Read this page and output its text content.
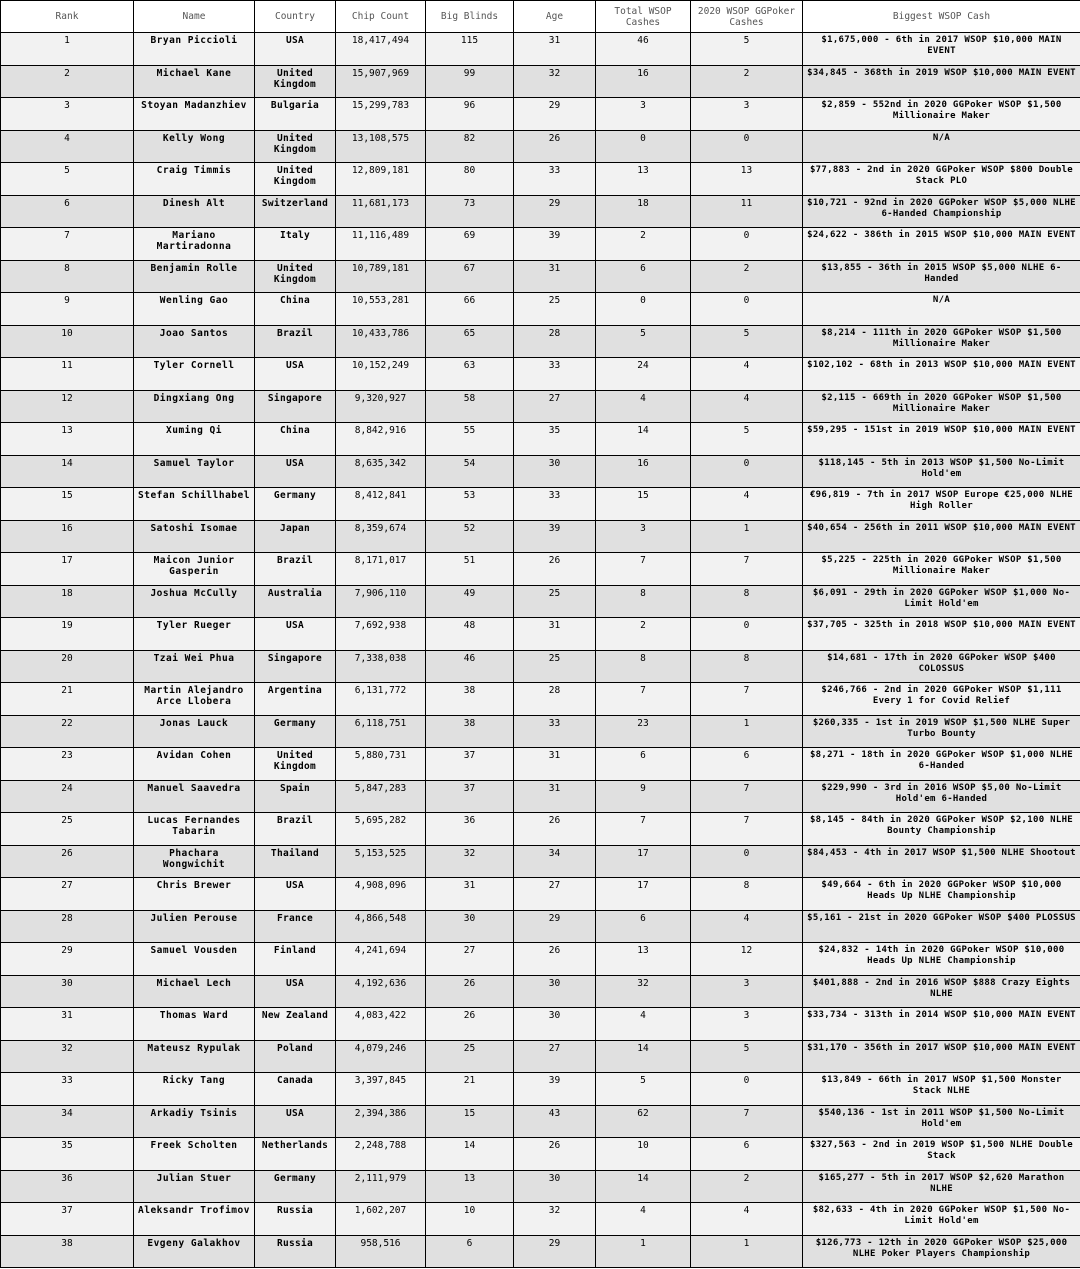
Rank	Name	Country	Chip Count	Big Blinds	Age	Total WSOP Cashes	2020 WSOP GGPoker Cashes	Biggest WSOP Cash
1	Bryan Piccioli	USA	18,417,494	115	31	46	5	$1,675,000 - 6th in 2017 WSOP $10,000 MAIN EVENT
2	Michael Kane	United Kingdom	15,907,969	99	32	16	2	$34,845 - 368th in 2019 WSOP $10,000 MAIN EVENT
3	Stoyan Madanzhiev	Bulgaria	15,299,783	96	29	3	3	$2,859 - 552nd in 2020 GGPoker WSOP $1,500 Millionaire Maker
4	Kelly Wong	United Kingdom	13,108,575	82	26	0	0	N/A
5	Craig Timmis	United Kingdom	12,809,181	80	33	13	13	$77,883 - 2nd in 2020 GGPoker WSOP $800 Double Stack PLO
6	Dinesh Alt	Switzerland	11,681,173	73	29	18	11	$10,721 - 92nd in 2020 GGPoker WSOP $5,000 NLHE 6-Handed Championship
7	Mariano Martiradonna	Italy	11,116,489	69	39	2	0	$24,622 - 386th in 2015 WSOP $10,000 MAIN EVENT
8	Benjamin Rolle	United Kingdom	10,789,181	67	31	6	2	$13,855 - 36th in 2015 WSOP $5,000 NLHE 6-Handed
9	Wenling Gao	China	10,553,281	66	25	0	0	N/A
10	Joao Santos	Brazil	10,433,786	65	28	5	5	$8,214 - 111th in 2020 GGPoker WSOP $1,500 Millionaire Maker
11	Tyler Cornell	USA	10,152,249	63	33	24	4	$102,102 - 68th in 2013 WSOP $10,000 MAIN EVENT
12	Dingxiang Ong	Singapore	9,320,927	58	27	4	4	$2,115 - 669th in 2020 GGPoker WSOP $1,500 Millionaire Maker
13	Xuming Qi	China	8,842,916	55	35	14	5	$59,295 - 151st in 2019 WSOP $10,000 MAIN EVENT
14	Samuel Taylor	USA	8,635,342	54	30	16	0	$118,145 - 5th in 2013 WSOP $1,500 No-Limit Hold'em
15	Stefan Schillhabel	Germany	8,412,841	53	33	15	4	€96,819 - 7th in 2017 WSOP Europe €25,000 NLHE High Roller
16	Satoshi Isomae	Japan	8,359,674	52	39	3	1	$40,654 - 256th in 2011 WSOP $10,000 MAIN EVENT
17	Maicon Junior Gasperin	Brazil	8,171,017	51	26	7	7	$5,225 - 225th in 2020 GGPoker WSOP $1,500 Millionaire Maker
18	Joshua McCully	Australia	7,906,110	49	25	8	8	$6,091 - 29th in 2020 GGPoker WSOP $1,000 No-Limit Hold'em
19	Tyler Rueger	USA	7,692,938	48	31	2	0	$37,705 - 325th in 2018 WSOP $10,000 MAIN EVENT
20	Tzai Wei Phua	Singapore	7,338,038	46	25	8	8	$14,681 - 17th in 2020 GGPoker WSOP $400 COLOSSUS
21	Martin Alejandro Arce Llobera	Argentina	6,131,772	38	28	7	7	$246,766 - 2nd in 2020 GGPoker WSOP $1,111 Every 1 for Covid Relief
22	Jonas Lauck	Germany	6,118,751	38	33	23	1	$260,335 - 1st in 2019 WSOP $1,500 NLHE Super Turbo Bounty
23	Avidan Cohen	United Kingdom	5,880,731	37	31	6	6	$8,271 - 18th in 2020 GGPoker WSOP $1,000 NLHE 6-Handed
24	Manuel Saavedra	Spain	5,847,283	37	31	9	7	$229,990 - 3rd in 2016 WSOP $5,00 No-Limit Hold'em 6-Handed
25	Lucas Fernandes Tabarin	Brazil	5,695,282	36	26	7	7	$8,145 - 84th in 2020 GGPoker WSOP $2,100 NLHE Bounty Championship
26	Phachara Wongwichit	Thailand	5,153,525	32	34	17	0	$84,453 - 4th in 2017 WSOP $1,500 NLHE Shootout
27	Chris Brewer	USA	4,908,096	31	27	17	8	$49,664 - 6th in 2020 GGPoker WSOP $10,000 Heads Up NLHE Championship
28	Julien Perouse	France	4,866,548	30	29	6	4	$5,161 - 21st in 2020 GGPoker WSOP $400 PLOSSUS
29	Samuel Vousden	Finland	4,241,694	27	26	13	12	$24,832 - 14th in 2020 GGPoker WSOP $10,000 Heads Up NLHE Championship
30	Michael Lech	USA	4,192,636	26	30	32	3	$401,888 - 2nd in 2016 WSOP $888 Crazy Eights NLHE
31	Thomas Ward	New Zealand	4,083,422	26	30	4	3	$33,734 - 313th in 2014 WSOP $10,000 MAIN EVENT
32	Mateusz Rypulak	Poland	4,079,246	25	27	14	5	$31,170 - 356th in 2017 WSOP $10,000 MAIN EVENT
33	Ricky Tang	Canada	3,397,845	21	39	5	0	$13,849 - 66th in 2017 WSOP $1,500 Monster Stack NLHE
34	Arkadiy Tsinis	USA	2,394,386	15	43	62	7	$540,136 - 1st in 2011 WSOP $1,500 No-Limit Hold'em
35	Freek Scholten	Netherlands	2,248,788	14	26	10	6	$327,563 - 2nd in 2019 WSOP $1,500 NLHE Double Stack
36	Julian Stuer	Germany	2,111,979	13	30	14	2	$165,277 - 5th in 2017 WSOP $2,620 Marathon NLHE
37	Aleksandr Trofimov	Russia	1,602,207	10	32	4	4	$82,633 - 4th in 2020 GGPoker WSOP $1,500 No-Limit Hold'em
38	Evgeny Galakhov	Russia	958,516	6	29	1	1	$126,773 - 12th in 2020 GGPoker WSOP $25,000 NLHE Poker Players Championship
